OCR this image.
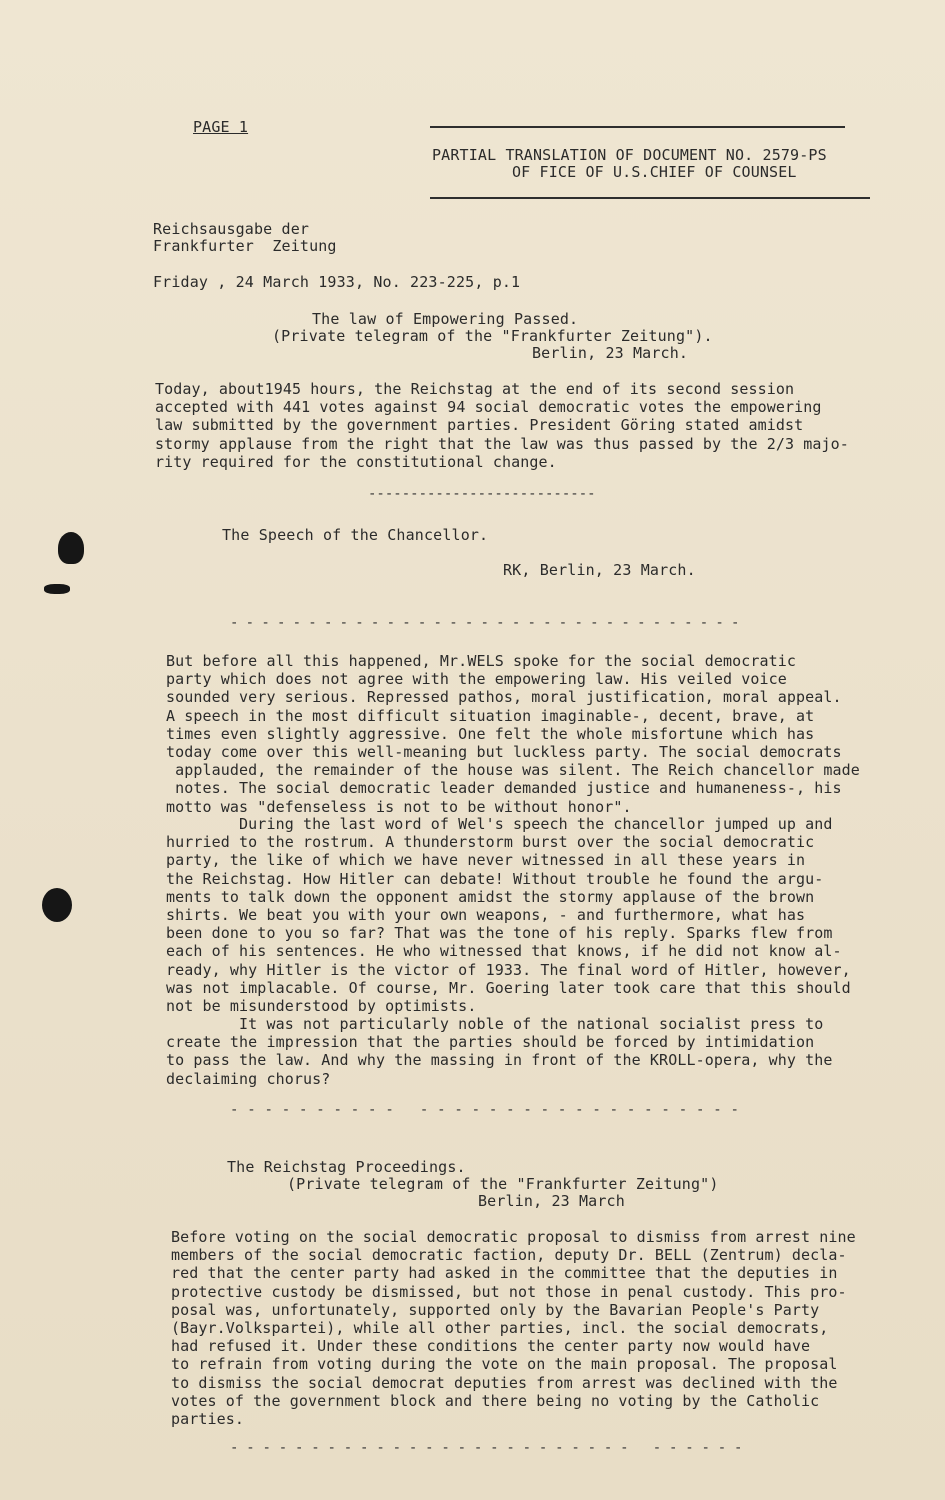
PAGE 1
PARTIAL TRANSLATION OF DOCUMENT NO. 2579-PS
OF FICE OF U.S.CHIEF OF COUNSEL
Reichsausgabe der
Frankfurter  Zeitung
Friday , 24 March 1933, No. 223-225, p.1
The law of Empowering Passed.
(Private telegram of the "Frankfurter Zeitung").
Berlin, 23 March.
Today, about1945 hours, the Reichstag at the end of its second session
accepted with 441 votes against 94 social democratic votes the empowering
law submitted by the government parties. President Göring stated amidst
stormy applause from the right that the law was thus passed by the 2/3 majo-
rity required for the constitutional change.
---------------------------
The Speech of the Chancellor.
RK, Berlin, 23 March.
- - - - - - - - - - - - - - - - - - - - - - - - - - - - - - - - -
But before all this happened, Mr.WELS spoke for the social democratic
party which does not agree with the empowering law. His veiled voice
sounded very serious. Repressed pathos, moral justification, moral appeal.
A speech in the most difficult situation imaginable-, decent, brave, at
times even slightly aggressive. One felt the whole misfortune which has
today come over this well-meaning but luckless party. The social democrats
applauded, the remainder of the house was silent. The Reich chancellor made
notes. The social democratic leader demanded justice and humaneness-, his
motto was "defenseless is not to be without honor".
During the last word of Wel's speech the chancellor jumped up and
hurried to the rostrum. A thunderstorm burst over the social democratic
party, the like of which we have never witnessed in all these years in
the Reichstag. How Hitler can debate! Without trouble he found the argu-
ments to talk down the opponent amidst the stormy applause of the brown
shirts. We beat you with your own weapons, - and furthermore, what has
been done to you so far? That was the tone of his reply. Sparks flew from
each of his sentences. He who witnessed that knows, if he did not know al-
ready, why Hitler is the victor of 1933. The final word of Hitler, however,
was not implacable. Of course, Mr. Goering later took care that this should
not be misunderstood by optimists.
It was not particularly noble of the national socialist press to
create the impression that the parties should be forced by intimidation
to pass the law. And why the massing in front of the KROLL-opera, why the
declaiming chorus?
- - - - - - - - - -   - - - - - - - - - - - - - - - - - - -
The Reichstag Proceedings.
(Private telegram of the "Frankfurter Zeitung")
Berlin, 23 March
Before voting on the social democratic proposal to dismiss from arrest nine
members of the social democratic faction, deputy Dr. BELL (Zentrum) decla-
red that the center party had asked in the committee that the deputies in
protective custody be dismissed, but not those in penal custody. This pro-
posal was, unfortunately, supported only by the Bavarian People's Party
(Bayr.Volkspartei), while all other parties, incl. the social democrats,
had refused it. Under these conditions the center party now would have
to refrain from voting during the vote on the main proposal. The proposal
to dismiss the social democrat deputies from arrest was declined with the
votes of the government block and there being no voting by the Catholic
parties.
- - - - - - - - - - - - - - - - - - - - - - - - -   - - - - - -
